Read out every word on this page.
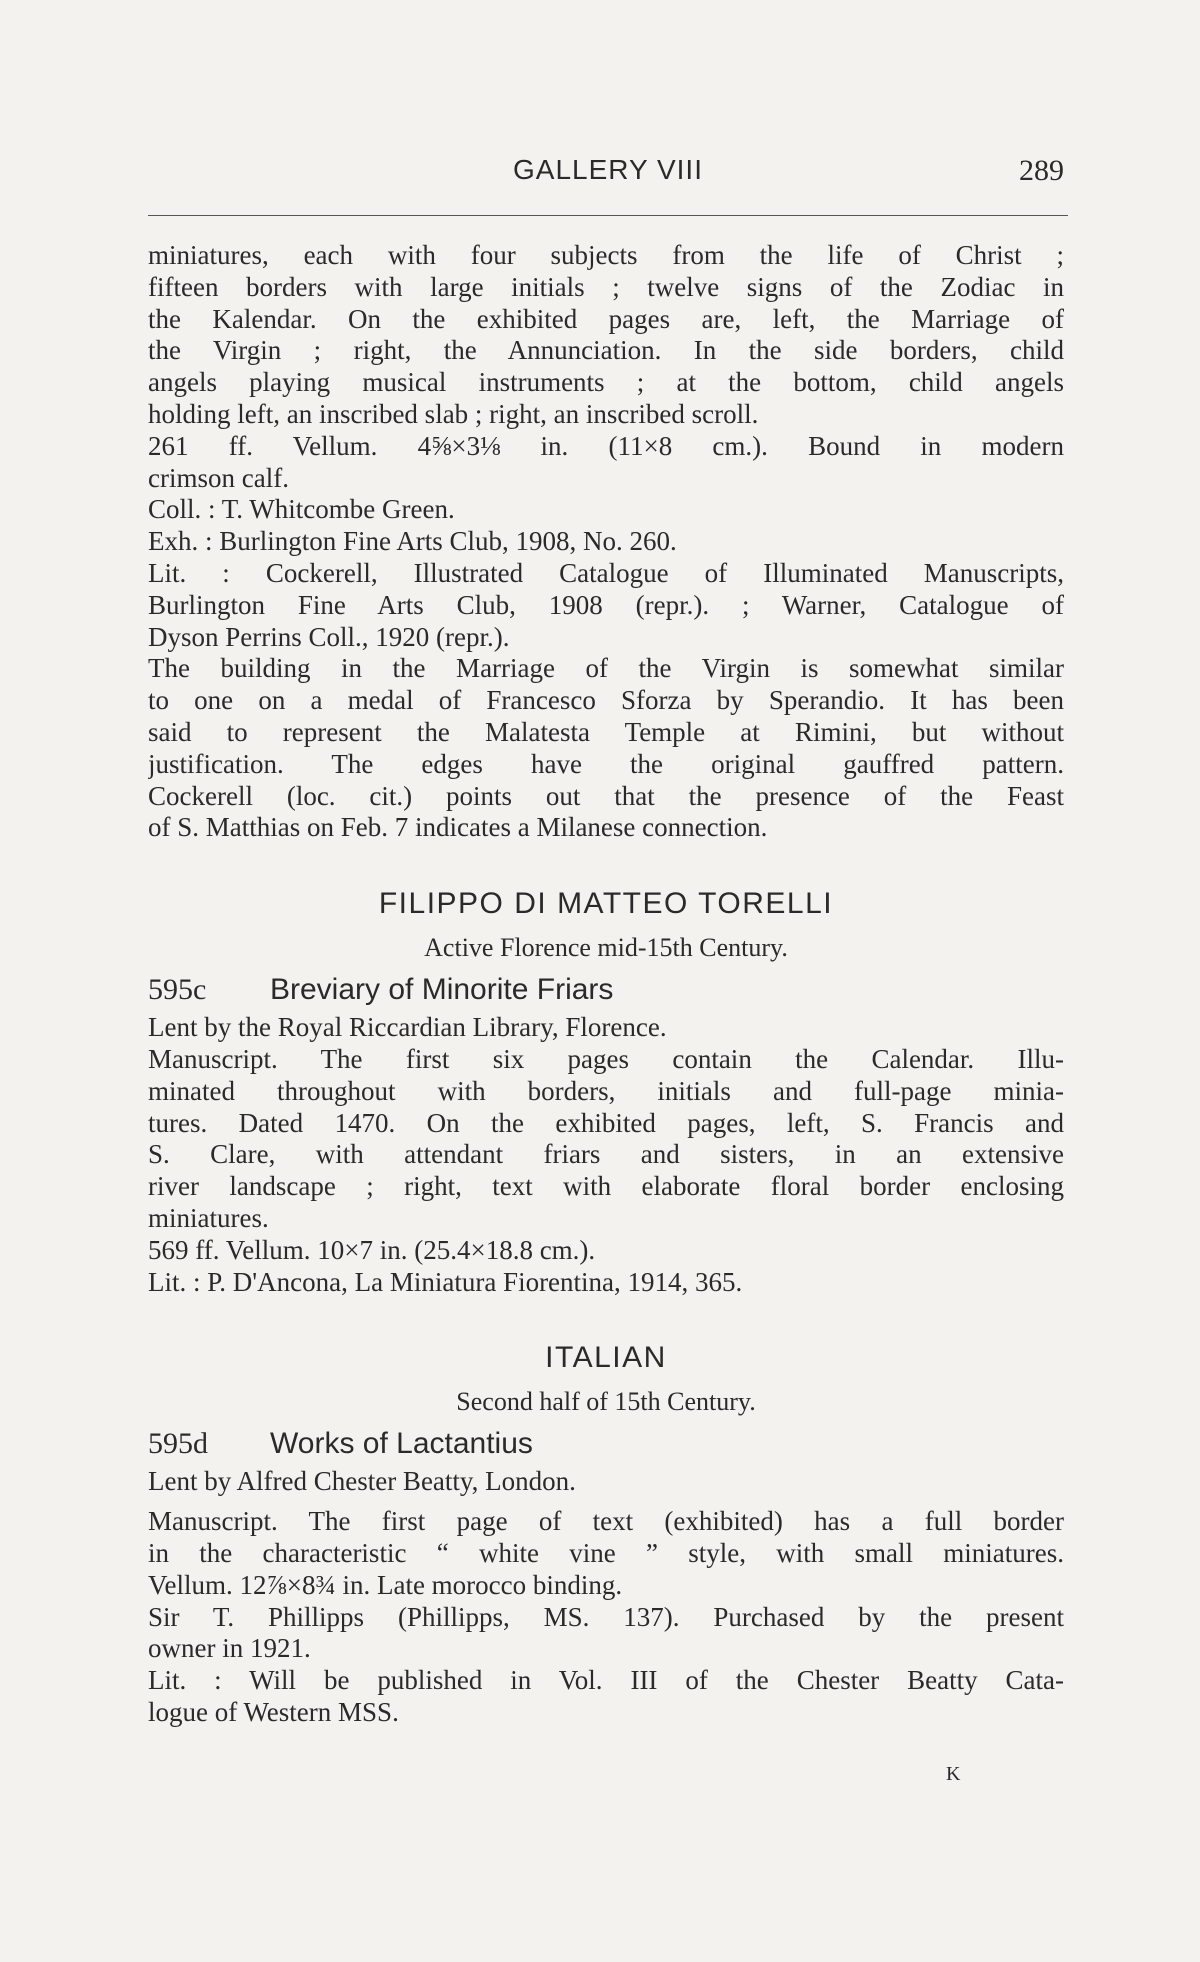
GALLERY VIII	289
miniatures, each with four subjects from the life of Christ ;
fifteen borders with large initials ; twelve signs of the Zodiac in
the Kalendar. On the exhibited pages are, left, the Marriage of
the Virgin ; right, the Annunciation. In the side borders, child
angels playing musical instruments ; at the bottom, child angels
holding left, an inscribed slab ; right, an inscribed scroll.
261 ff. Vellum. 4⅝×3⅛ in. (11×8 cm.). Bound in modern
crimson calf.
Coll. : T. Whitcombe Green.
Exh. : Burlington Fine Arts Club, 1908, No. 260.
Lit. : Cockerell, Illustrated Catalogue of Illuminated Manuscripts,
Burlington Fine Arts Club, 1908 (repr.). ; Warner, Catalogue of
Dyson Perrins Coll., 1920 (repr.).
The building in the Marriage of the Virgin is somewhat similar
to one on a medal of Francesco Sforza by Sperandio. It has been
said to represent the Malatesta Temple at Rimini, but without
justification. The edges have the original gauffred pattern.
Cockerell (loc. cit.) points out that the presence of the Feast
of S. Matthias on Feb. 7 indicates a Milanese connection.
FILIPPO DI MATTEO TORELLI
Active Florence mid-15th Century.
595c Breviary of Minorite Friars
Lent by the Royal Riccardian Library, Florence.
Manuscript. The first six pages contain the Calendar. Illu-
minated throughout with borders, initials and full-page minia-
tures. Dated 1470. On the exhibited pages, left, S. Francis and
S. Clare, with attendant friars and sisters, in an extensive
river landscape ; right, text with elaborate floral border enclosing
miniatures.
569 ff. Vellum. 10×7 in. (25.4×18.8 cm.).
Lit. : P. D'Ancona, La Miniatura Fiorentina, 1914, 365.
ITALIAN
Second half of 15th Century.
595d Works of Lactantius
Lent by Alfred Chester Beatty, London.
Manuscript. The first page of text (exhibited) has a full border
in the characteristic “ white vine ” style, with small miniatures.
Vellum. 12⅞×8¾ in. Late morocco binding.
Sir T. Phillipps (Phillipps, MS. 137). Purchased by the present
owner in 1921.
Lit. : Will be published in Vol. III of the Chester Beatty Cata-
logue of Western MSS.
K
